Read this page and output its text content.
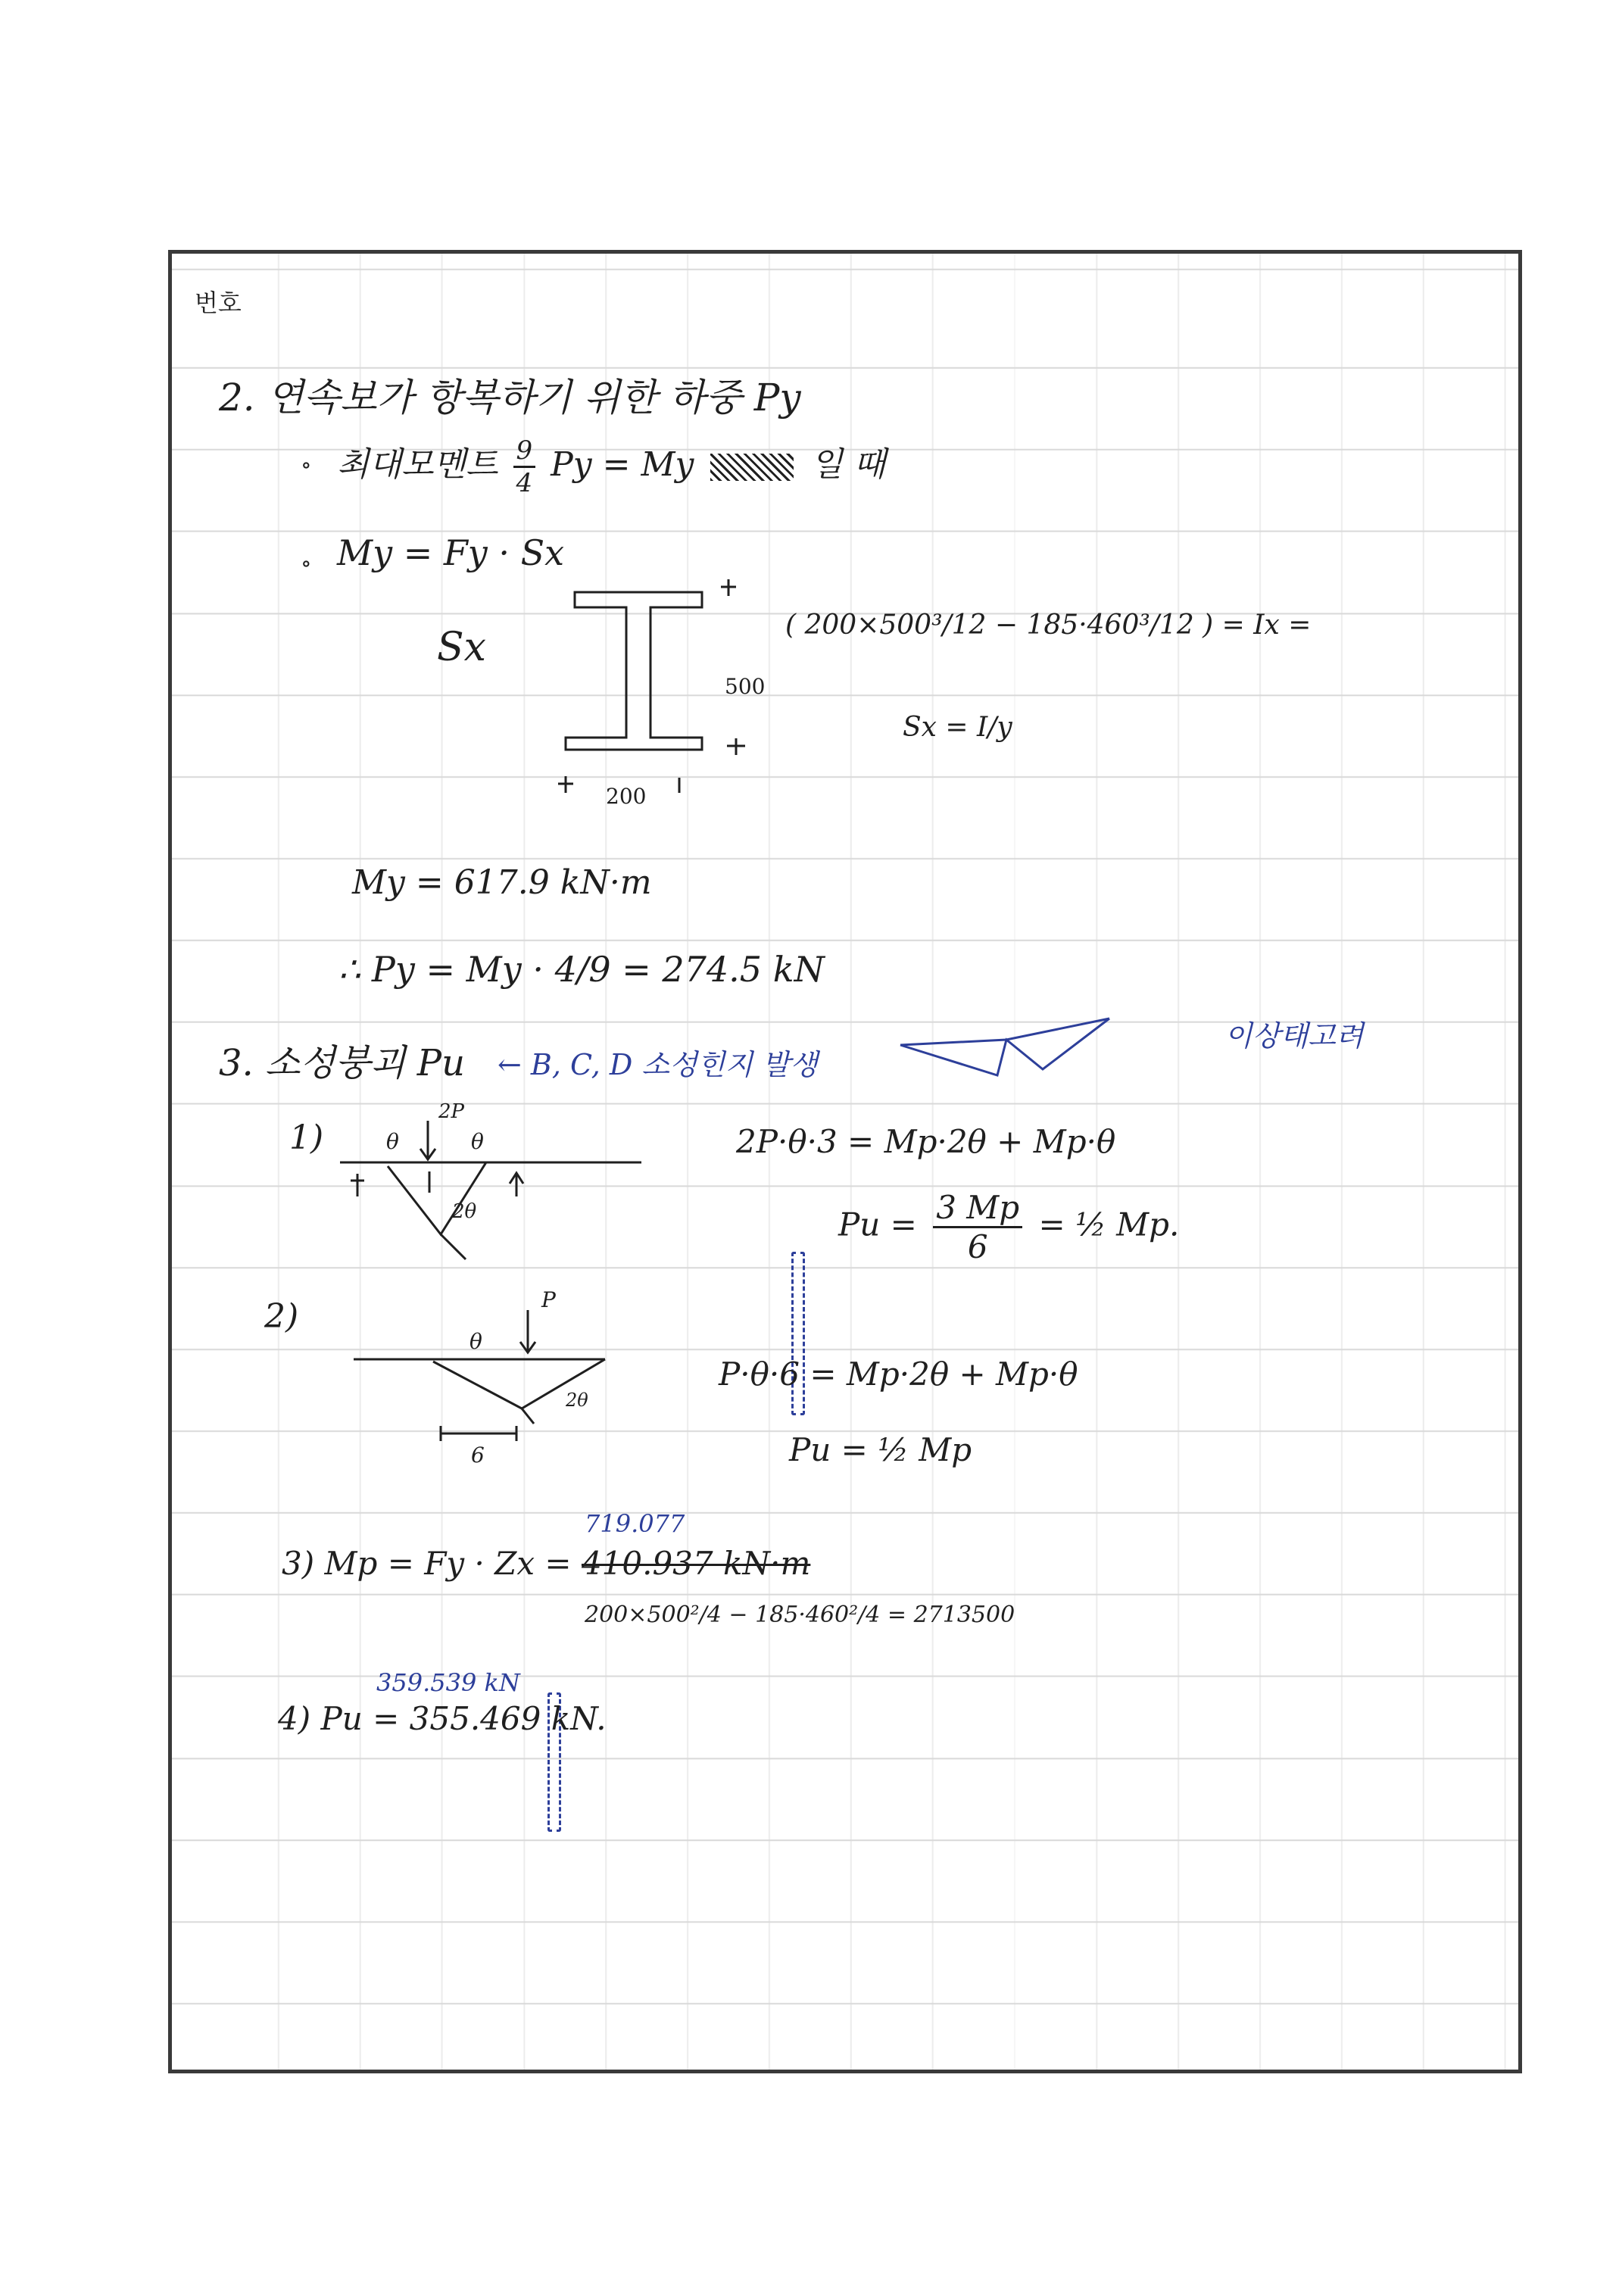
번호
2. 연속보가 항복하기 위한 하중 Py
∘ 최대모멘트 $\frac{9}{4}$ Py = My	일 때
∘ My = Fy · Sx
Sx
500
200
( 200×500³/12 − 185·460³/12 ) = Ix =
Sx = I/y
My = 617.9 kN·m
∴ Py = My · 4/9 = 274.5 kN
3. 소성붕괴 Pu ← B, C, D 소성힌지 발생
이상태고려
1)
2P
θ	θ
2θ
2P·θ·3 = Mp·2θ + Mp·θ
$Pu = \frac{3 Mp}{6}$ = ½ Mp.
2)	P
θ
2θ
6
P·θ·6 = Mp·2θ + Mp·θ
Pu = ½ Mp
719.077
3) Mp = Fy · Zx = 410.937 kN·m
200×500²/4 − 185·460²/4 = 2713500
359.539 kN
4) Pu = 355.469 kN.
